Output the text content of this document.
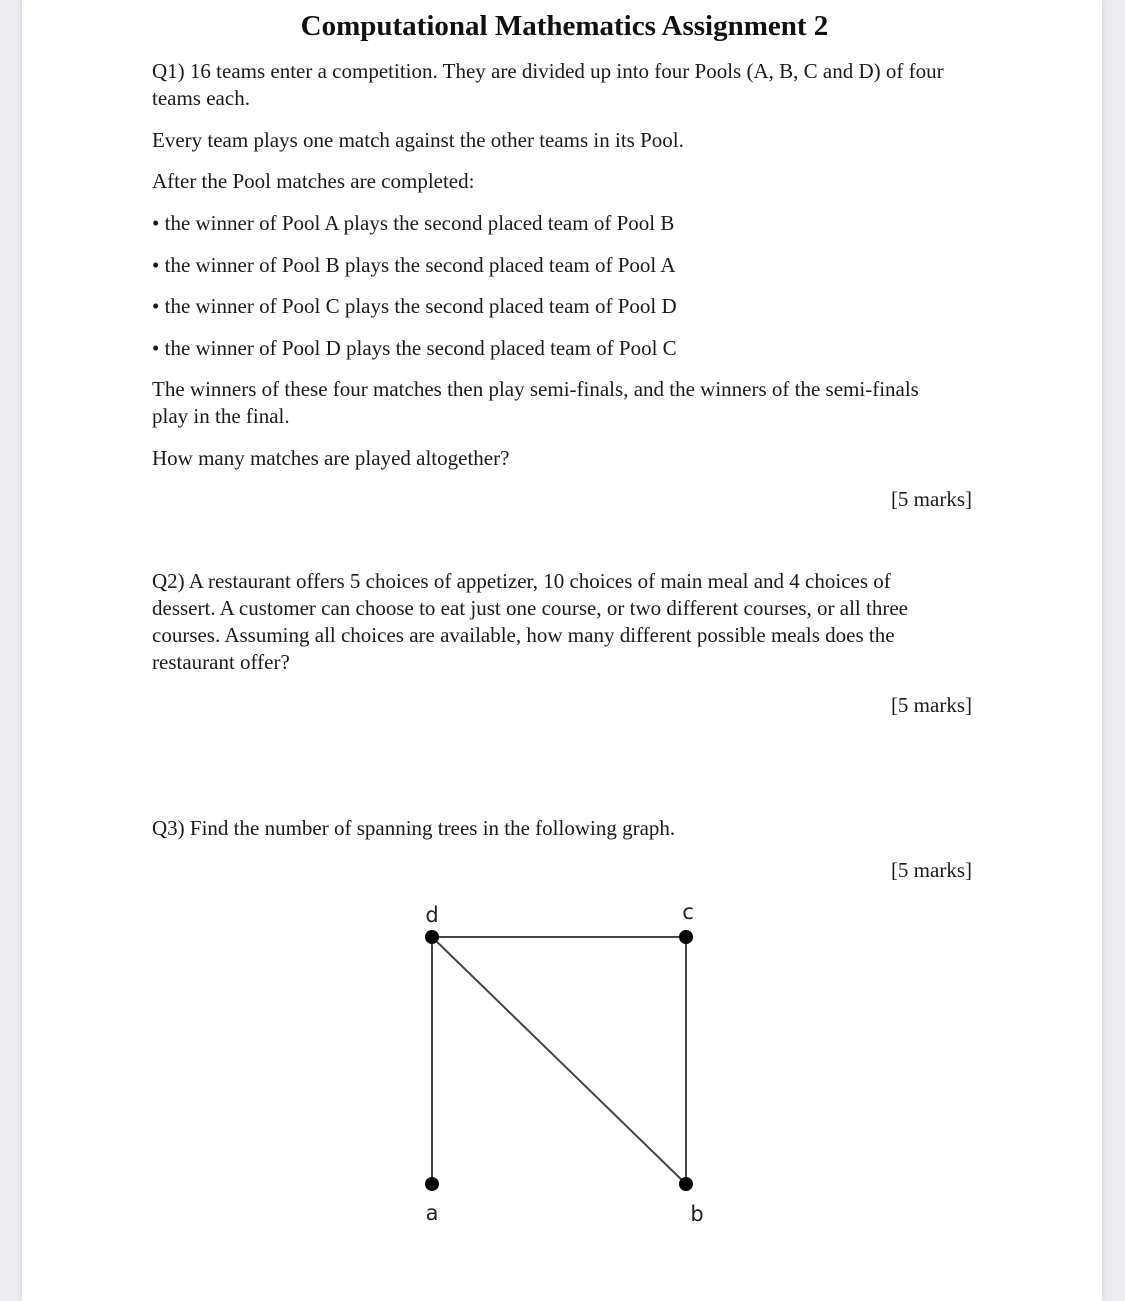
Computational Mathematics Assignment 2

Q1) 16 teams enter a competition. They are divided up into four Pools (A, B, C and D) of four teams each.

Every team plays one match against the other teams in its Pool.

After the Pool matches are completed:

• the winner of Pool A plays the second placed team of Pool B

• the winner of Pool B plays the second placed team of Pool A

• the winner of Pool C plays the second placed team of Pool D

• the winner of Pool D plays the second placed team of Pool C

The winners of these four matches then play semi-finals, and the winners of the semi-finals play in the final.

How many matches are played altogether?

[5 marks]

Q2) A restaurant offers 5 choices of appetizer, 10 choices of main meal and 4 choices of dessert. A customer can choose to eat just one course, or two different courses, or all three courses. Assuming all choices are available, how many different possible meals does the restaurant offer?

[5 marks]

Q3) Find the number of spanning trees in the following graph.

[5 marks]
d	c
a	b
